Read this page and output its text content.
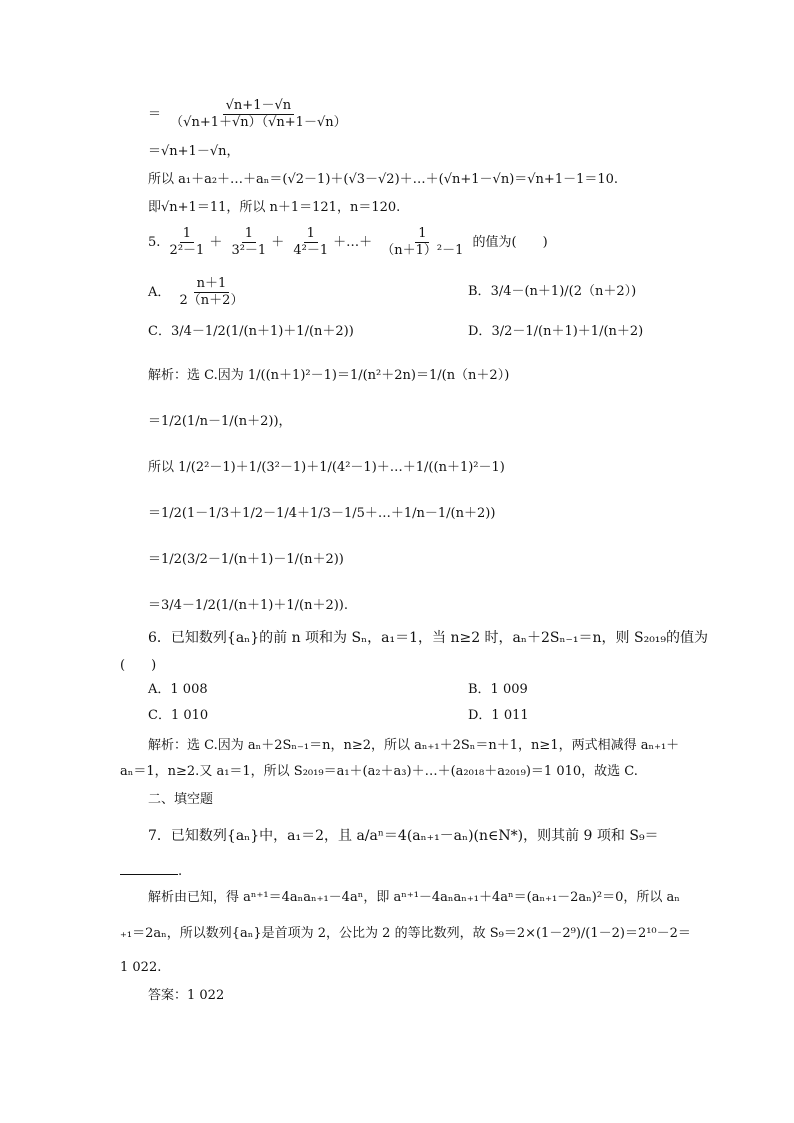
＝ $\frac{√n+1-√n}{(√n+1+√n)(√n+1-√n)}$
＝√n+1－√n，
所以 a₁＋a₂＋…＋aₙ＝(√2－1)＋(√3－√2)＋…＋(√n+1－√n)＝√n+1－1＝10.
即√n+1＝11，所以 n＋1＝121，n＝120.
5. $\frac{1}{\text{2²－1}} + \frac{1}{\text{3²－1}} + \frac{1}{\text{4²－1}}$ ＋…＋ $\frac{1}{\text{（n＋1）²－1}}$ 的值为(　　)
A． $\frac{n+1}{2(n+2)}$	B．3/4－(n＋1)/(2（n＋2）)
C．3/4－1/2(1/(n＋1)＋1/(n＋2))	D．3/2－1/(n＋1)＋1/(n＋2)
解析：选 C.因为 1/((n＋1)²－1)＝1/(n²＋2n)＝1/(n（n＋2）)
＝1/2(1/n－1/(n＋2))，
所以 1/(2²－1)＋1/(3²－1)＋1/(4²－1)＋…＋1/((n＋1)²－1)
＝1/2(1－1/3＋1/2－1/4＋1/3－1/5＋…＋1/n－1/(n＋2))
＝1/2(3/2－1/(n＋1)－1/(n＋2))
＝3/4－1/2(1/(n＋1)＋1/(n＋2)).
6．已知数列{aₙ}的前 n 项和为 Sₙ，a₁＝1，当 n≥2 时，aₙ＋2Sₙ₋₁＝n，则 S₂₀₁₉的值为
(　　)
A．1 008	B．1 009
C．1 010	D．1 011
解析：选 C.因为 aₙ＋2Sₙ₋₁＝n，n≥2，所以 aₙ₊₁＋2Sₙ＝n＋1，n≥1，两式相减得 aₙ₊₁＋
aₙ＝1，n≥2.又 a₁＝1，所以 S₂₀₁₉＝a₁＋(a₂＋a₃)＋…＋(a₂₀₁₈＋a₂₀₁₉)＝1 010，故选 C.
二、填空题
7．已知数列{aₙ}中，a₁＝2，且 a/aⁿ＝4(aₙ₊₁－aₙ)(n∈N*)，则其前 9 项和 S₉＝
.
解析由已知，得 aⁿ⁺¹＝4aₙaₙ₊₁－4aⁿ，即 aⁿ⁺¹－4aₙaₙ₊₁＋4aⁿ＝(aₙ₊₁－2aₙ)²＝0，所以 aₙ
₊₁＝2aₙ，所以数列{aₙ}是首项为 2，公比为 2 的等比数列，故 S₉＝2×(1－2⁹)/(1－2)＝2¹⁰－2＝
1 022.
答案：1 022
